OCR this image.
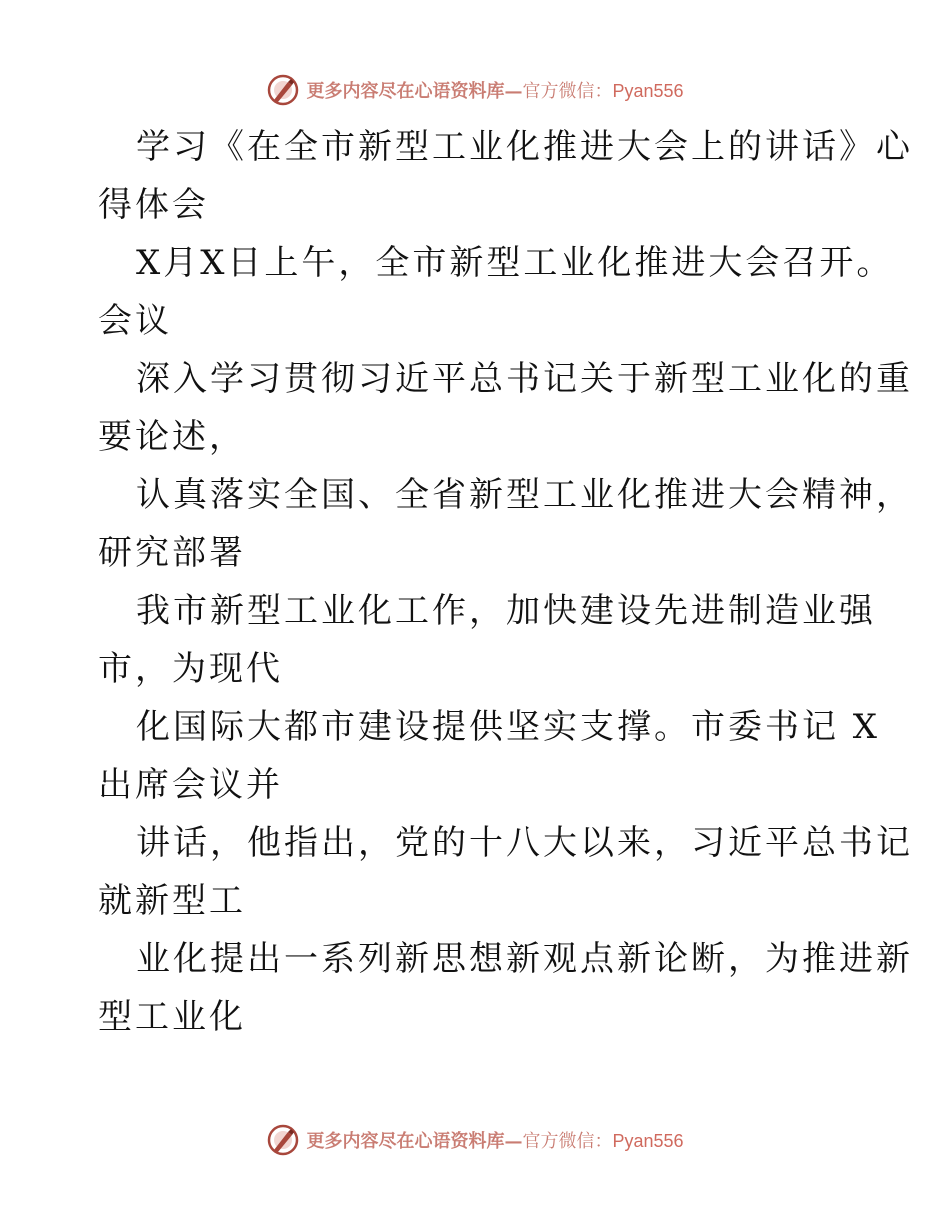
更多内容尽在心语资料库—官方微信：Pyan556
学习《在全市新型工业化推进大会上的讲话》心
得体会
X月X日上午，全市新型工业化推进大会召开。
会议
深入学习贯彻习近平总书记关于新型工业化的重
要论述，
认真落实全国、全省新型工业化推进大会精神，
研究部署
我市新型工业化工作，加快建设先进制造业强
市，为现代
化国际大都市建设提供坚实支撑。市委书记 X
出席会议并
讲话，他指出，党的十八大以来，习近平总书记
就新型工
业化提出一系列新思想新观点新论断，为推进新
型工业化
更多内容尽在心语资料库—官方微信：Pyan556
